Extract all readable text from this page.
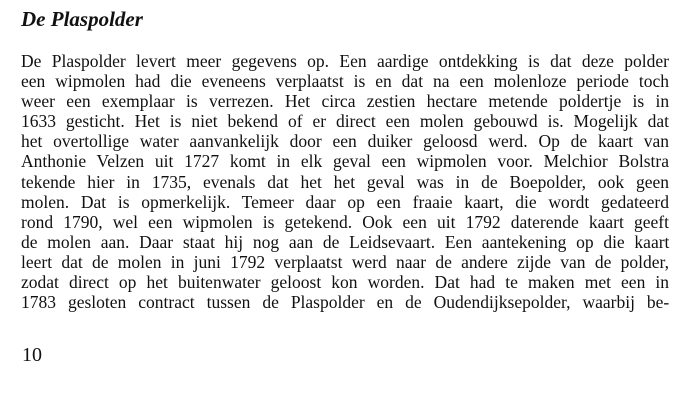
De Plaspolder
De Plaspolder levert meer gegevens op. Een aardige ontdekking is dat deze polder
een wipmolen had die eveneens verplaatst is en dat na een molenloze periode toch
weer een exemplaar is verrezen. Het circa zestien hectare metende poldertje is in
1633 gesticht. Het is niet bekend of er direct een molen gebouwd is. Mogelijk dat
het overtollige water aanvankelijk door een duiker geloosd werd. Op de kaart van
Anthonie Velzen uit 1727 komt in elk geval een wipmolen voor. Melchior Bolstra
tekende hier in 1735, evenals dat het het geval was in de Boepolder, ook geen
molen. Dat is opmerkelijk. Temeer daar op een fraaie kaart, die wordt gedateerd
rond 1790, wel een wipmolen is getekend. Ook een uit 1792 daterende kaart geeft
de molen aan. Daar staat hij nog aan de Leidsevaart. Een aantekening op die kaart
leert dat de molen in juni 1792 verplaatst werd naar de andere zijde van de polder,
zodat direct op het buitenwater geloost kon worden. Dat had te maken met een in
1783 gesloten contract tussen de Plaspolder en de Oudendijksepolder, waarbij be-
10
